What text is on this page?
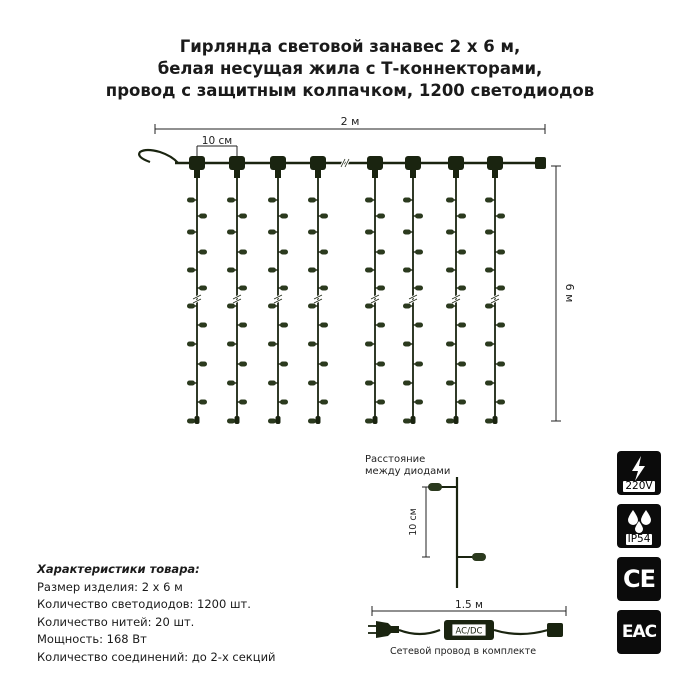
Гирлянда световой занавес 2 х 6 м,
белая несущая жила с Т-коннекторами,
провод с защитным колпачком, 1200 светодиодов
2 м
10 см
6 м
Расстояние
между диодами
10 см
1.5 м
AC/DC
Сетевой провод в комплекте
Характеристики товара:
Размер изделия: 2 х 6 м
Количество светодиодов: 1200 шт.
Количество нитей: 20 шт.
Мощность: 168 Вт
Количество соединений: до 2-х секций
220V
IP54
CE
EAC
